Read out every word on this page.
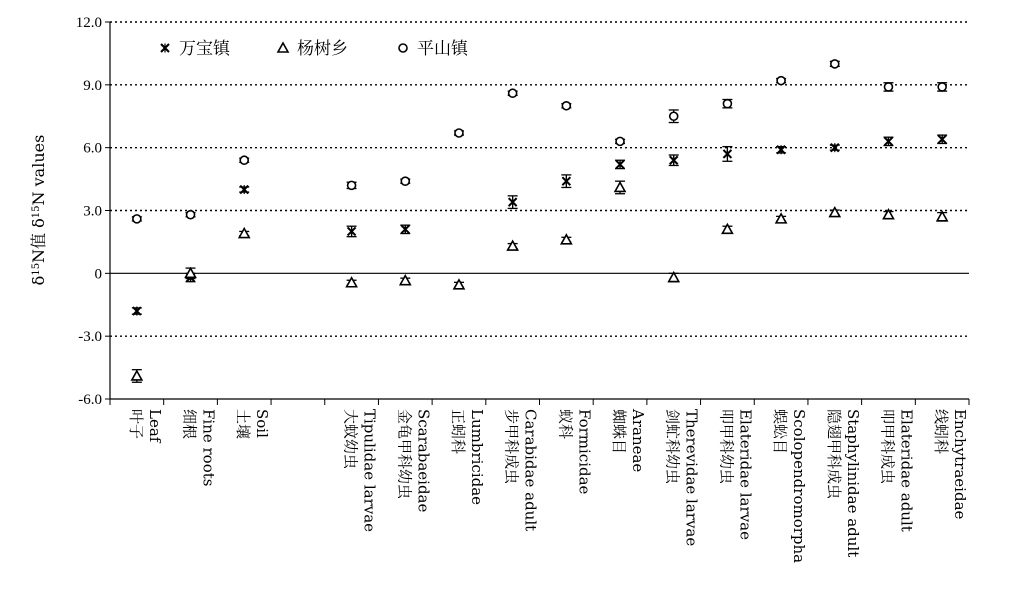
12.0
9.0
6.0
3.0
0
-3.0
-6.0
叶子 Leaf 细根 Fine roots 土壤 Soil	大蚊幼虫 Tipulidae larvae 金龟甲科幼虫 Scarabaeidae 正蚓科 Lumbricidae 步甲科成虫 Carabidae adult 蚁科 Formicidae 蜘蛛目 Araneae 剑虻科幼虫 Therevidae larvae 叩甲科幼虫 Elateridae larvae 蜈蚣目 Scolopendromorpha 隐翅甲科成虫 Staphylinidae adult 叩甲科成虫 Elateridae adult 线蚓科 Enchytraeidae
$\delta^{15}N$值 $\delta^{15}N$ values
万宝镇	杨树乡	平山镇
